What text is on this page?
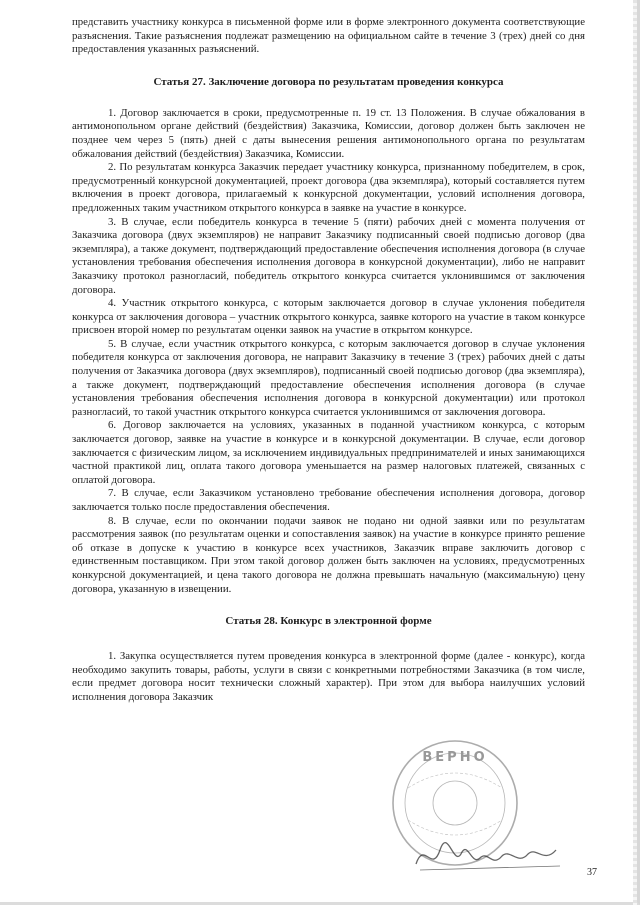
представить участнику конкурса в письменной форме или в форме электронного документа соответствующие разъяснения. Такие разъяснения подлежат размещению на официальном сайте в течение 3 (трех) дней со дня предоставления указанных разъяснений.

Статья 27. Заключение договора по результатам проведения конкурса

1. Договор заключается в сроки, предусмотренные п. 19 ст. 13 Положения. В случае обжалования в антимонопольном органе действий (бездействия) Заказчика, Комиссии, договор должен быть заключен не позднее чем через 5 (пять) дней с даты вынесения решения антимонопольного органа по результатам обжалования действий (бездействия) Заказчика, Комиссии.

2. По результатам конкурса Заказчик передает участнику конкурса, признанному победителем, в срок, предусмотренный конкурсной документацией, проект договора (два экземпляра), который составляется путем включения в проект договора, прилагаемый к конкурсной документации, условий исполнения договора, предложенных таким участником открытого конкурса в заявке на участие в конкурсе.

3. В случае, если победитель конкурса в течение 5 (пяти) рабочих дней с момента получения от Заказчика договора (двух экземпляров) не направит Заказчику подписанный своей подписью договор (два экземпляра), а также документ, подтверждающий предоставление обеспечения исполнения договора (в случае установления требования обеспечения исполнения договора в конкурсной документации), либо не направит Заказчику протокол разногласий, победитель открытого конкурса считается уклонившимся от заключения договора.

4. Участник открытого конкурса, с которым заключается договор в случае уклонения победителя конкурса от заключения договора – участник открытого конкурса, заявке которого на участие в таком конкурсе присвоен второй номер по результатам оценки заявок на участие в открытом конкурсе.

5. В случае, если участник открытого конкурса, с которым заключается договор в случае уклонения победителя конкурса от заключения договора, не направит Заказчику в течение 3 (трех) рабочих дней с даты получения от Заказчика договора (двух экземпляров), подписанный своей подписью договор (два экземпляра), а также документ, подтверждающий предоставление обеспечения исполнения договора (в случае установления требования обеспечения исполнения договора в конкурсной документации) или протокол разногласий, то такой участник открытого конкурса считается уклонившимся от заключения договора.

6. Договор заключается на условиях, указанных в поданной участником конкурса, с которым заключается договор, заявке на участие в конкурсе и в конкурсной документации. В случае, если договор заключается с физическим лицом, за исключением индивидуальных предпринимателей и иных занимающихся частной практикой лиц, оплата такого договора уменьшается на размер налоговых платежей, связанных с оплатой договора.

7. В случае, если Заказчиком установлено требование обеспечения исполнения договора, договор заключается только после предоставления обеспечения.

8. В случае, если по окончании подачи заявок не подано ни одной заявки или по результатам рассмотрения заявок (по результатам оценки и сопоставления заявок) на участие в конкурсе принято решение об отказе в допуске к участию в конкурсе всех участников, Заказчик вправе заключить договор с единственным поставщиком. При этом такой договор должен быть заключен на условиях, предусмотренных конкурсной документацией, и цена такого договора не должна превышать начальную (максимальную) цену договора, указанную в извещении.

Статья 28. Конкурс в электронной форме

1. Закупка осуществляется путем проведения конкурса в электронной форме (далее - конкурс), когда необходимо закупить товары, работы, услуги в связи с конкретными потребностями Заказчика (в том числе, если предмет договора носит технически сложный характер). При этом для выбора наилучших условий исполнения договора Заказчик

ВЕРНО
37
